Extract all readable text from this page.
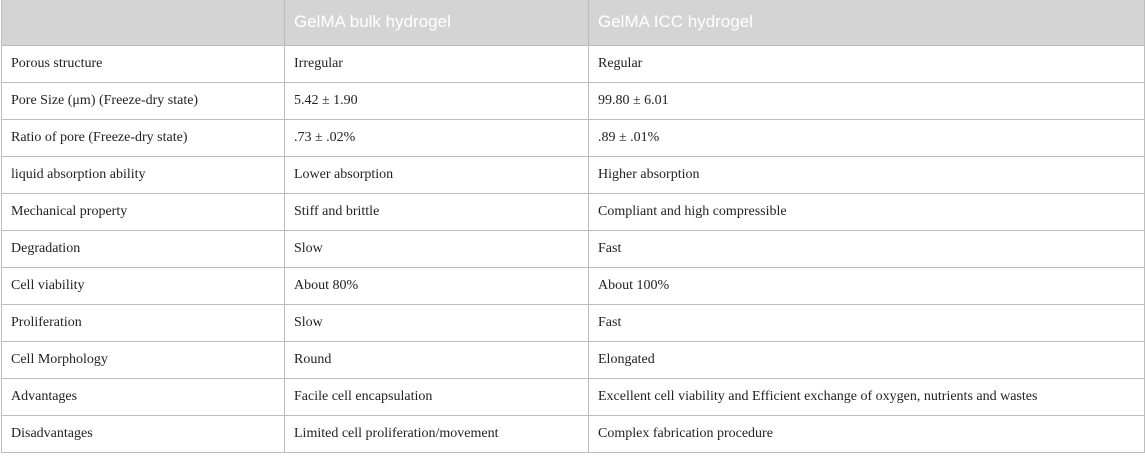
	GelMA bulk hydrogel	GelMA ICC hydrogel
Porous structure	Irregular	Regular
Pore Size (μm) (Freeze-dry state)	5.42 ± 1.90	99.80 ± 6.01
Ratio of pore (Freeze-dry state)	.73 ± .02%	.89 ± .01%
liquid absorption ability	Lower absorption	Higher absorption
Mechanical property	Stiff and brittle	Compliant and high compressible
Degradation	Slow	Fast
Cell viability	About 80%	About 100%
Proliferation	Slow	Fast
Cell Morphology	Round	Elongated
Advantages	Facile cell encapsulation	Excellent cell viability and Efficient exchange of oxygen, nutrients and wastes
Disadvantages	Limited cell proliferation/movement	Complex fabrication procedure
